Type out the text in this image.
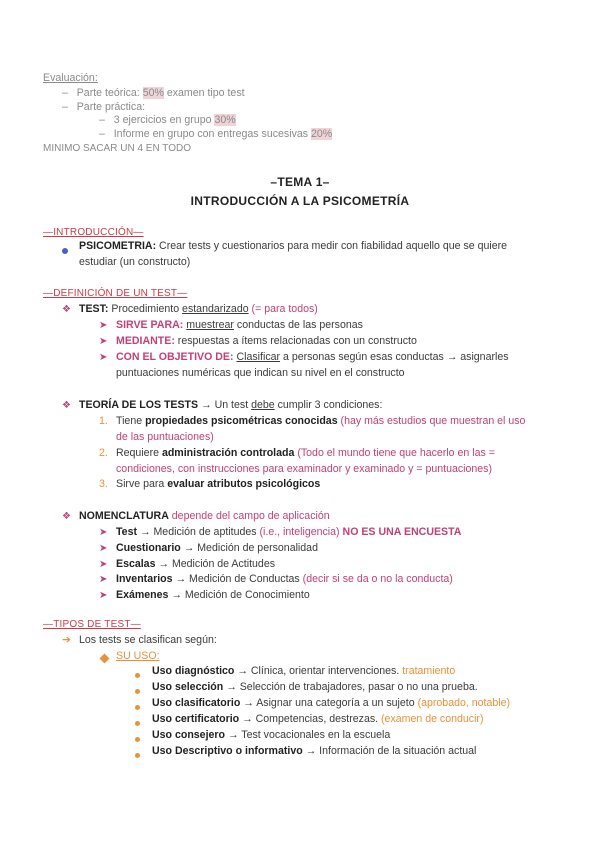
Evaluación:
–   Parte teórica: 50% examen tipo test
–   Parte práctica:
–   3 ejercicios en grupo 30%
–   Informe en grupo con entregas sucesivas 20%
MINIMO SACAR UN 4 EN TODO
–TEMA 1–
INTRODUCCIÓN A LA PSICOMETRÍA
—INTRODUCCIÓN—
PSICOMETRIA: Crear tests y cuestionarios para medir con fiabilidad aquello que se quiere
estudiar (un constructo)
—DEFINICIÓN DE UN TEST—
❖ TEST: Procedimiento estandarizado (= para todos)
➤ SIRVE PARA: muestrear conductas de las personas
➤ MEDIANTE: respuestas a ítems relacionadas con un constructo
➤ CON EL OBJETIVO DE: Clasificar a personas según esas conductas → asignarles
puntuaciones numéricas que indican su nivel en el constructo
❖ TEORÍA DE LOS TESTS → Un test debe cumplir 3 condiciones:
1. Tiene propiedades psicométricas conocidas (hay más estudios que muestran el uso
de las puntuaciones)
2. Requiere administración controlada (Todo el mundo tiene que hacerlo en las =
condiciones, con instrucciones para examinador y examinado y = puntuaciones)
3. Sirve para evaluar atributos psicológicos
❖ NOMENCLATURA depende del campo de aplicación
➤ Test → Medición de aptitudes (i.e., inteligencia) NO ES UNA ENCUESTA
➤ Cuestionario → Medición de personalidad
➤ Escalas → Medición de Actitudes
➤ Inventarios → Medición de Conductas (decir si se da o no la conducta)
➤ Exámenes → Medición de Conocimiento
—TIPOS DE TEST—
➔ Los tests se clasifican según:
SU USO:
Uso diagnóstico → Clínica, orientar intervenciones. tratamiento
Uso selección → Selección de trabajadores, pasar o no una prueba.
Uso clasificatorio → Asignar una categoría a un sujeto (aprobado, notable)
Uso certificatorio → Competencias, destrezas. (examen de conducir)
Uso consejero → Test vocacionales en la escuela
Uso Descriptivo o informativo → Información de la situación actual
